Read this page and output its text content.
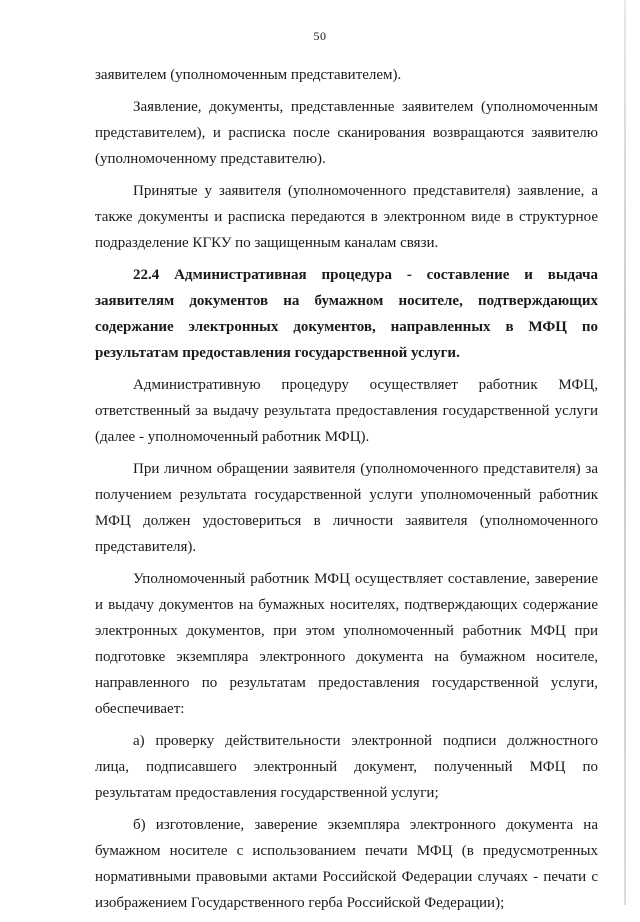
50

заявителем (уполномоченным представителем).

Заявление, документы, представленные заявителем (уполномоченным представителем), и расписка после сканирования возвращаются заявителю (уполномоченному представителю).

Принятые у заявителя (уполномоченного представителя) заявление, а также документы и расписка передаются в электронном виде в структурное подразделение КГКУ по защищенным каналам связи.

22.4 Административная процедура - составление и выдача заявителям документов на бумажном носителе, подтверждающих содержание электронных документов, направленных в МФЦ по результатам предоставления государственной услуги.

Административную процедуру осуществляет работник МФЦ, ответственный за выдачу результата предоставления государственной услуги (далее - уполномоченный работник МФЦ).

При личном обращении заявителя (уполномоченного представителя) за получением результата государственной услуги уполномоченный работник МФЦ должен удостовериться в личности заявителя (уполномоченного представителя).

Уполномоченный работник МФЦ осуществляет составление, заверение и выдачу документов на бумажных носителях, подтверждающих содержание электронных документов, при этом уполномоченный работник МФЦ при подготовке экземпляра электронного документа на бумажном носителе, направленного по результатам предоставления государственной услуги, обеспечивает:

а) проверку действительности электронной подписи должностного лица, подписавшего электронный документ, полученный МФЦ по результатам предоставления государственной услуги;

б) изготовление, заверение экземпляра электронного документа на бумажном носителе с использованием печати МФЦ (в предусмотренных нормативными правовыми актами Российской Федерации случаях - печати с изображением Государственного герба Российской Федерации);
